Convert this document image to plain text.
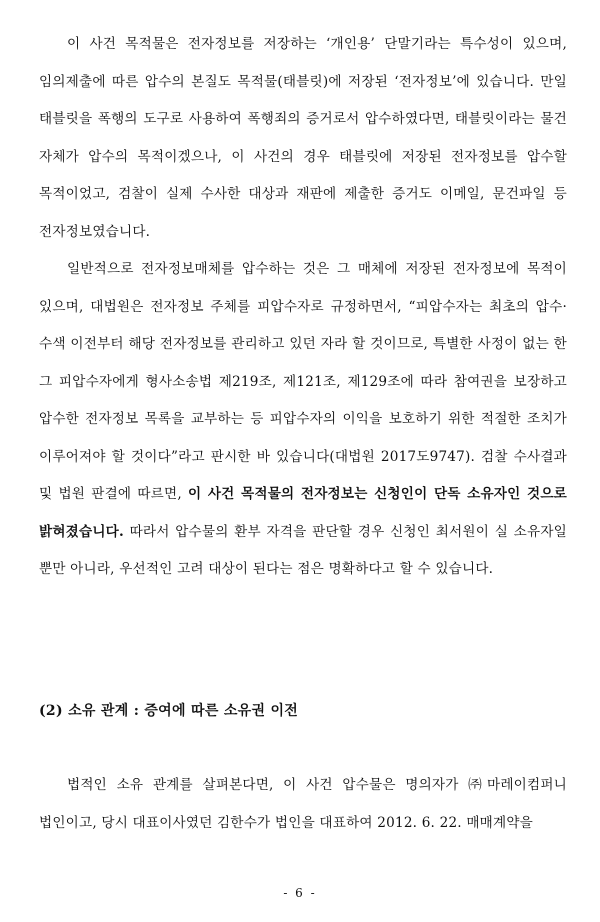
이 사건 목적물은 전자정보를 저장하는 ‘개인용’ 단말기라는 특수성이 있으며, 임의제출에 따른 압수의 본질도 목적물(태블릿)에 저장된 ‘전자정보’에 있습니다. 만일 태블릿을 폭행의 도구로 사용하여 폭행죄의 증거로서 압수하였다면, 태블릿이라는 물건 자체가 압수의 목적이겠으나, 이 사건의 경우 태블릿에 저장된 전자정보를 압수할 목적이었고, 검찰이 실제 수사한 대상과 재판에 제출한 증거도 이메일, 문건파일 등 전자정보였습니다.

일반적으로 전자정보매체를 압수하는 것은 그 매체에 저장된 전자정보에 목적이 있으며, 대법원은 전자정보 주체를 피압수자로 규정하면서, “피압수자는 최초의 압수·수색 이전부터 해당 전자정보를 관리하고 있던 자라 할 것이므로, 특별한 사정이 없는 한 그 피압수자에게 형사소송법 제219조, 제121조, 제129조에 따라 참여권을 보장하고 압수한 전자정보 목록을 교부하는 등 피압수자의 이익을 보호하기 위한 적절한 조치가 이루어져야 할 것이다”라고 판시한 바 있습니다(대법원 2017도9747). 검찰 수사결과 및 법원 판결에 따르면, 이 사건 목적물의 전자정보는 신청인이 단독 소유자인 것으로 밝혀졌습니다. 따라서 압수물의 환부 자격을 판단할 경우 신청인 최서원이 실 소유자일 뿐만 아니라, 우선적인 고려 대상이 된다는 점은 명확하다고 할 수 있습니다.

(2) 소유 관계 : 증여에 따른 소유권 이전

법적인 소유 관계를 살펴본다면, 이 사건 압수물은 명의자가 ㈜마레이컴퍼니 법인이고, 당시 대표이사였던 김한수가 법인을 대표하여 2012. 6. 22. 매매계약을

- 6 -
